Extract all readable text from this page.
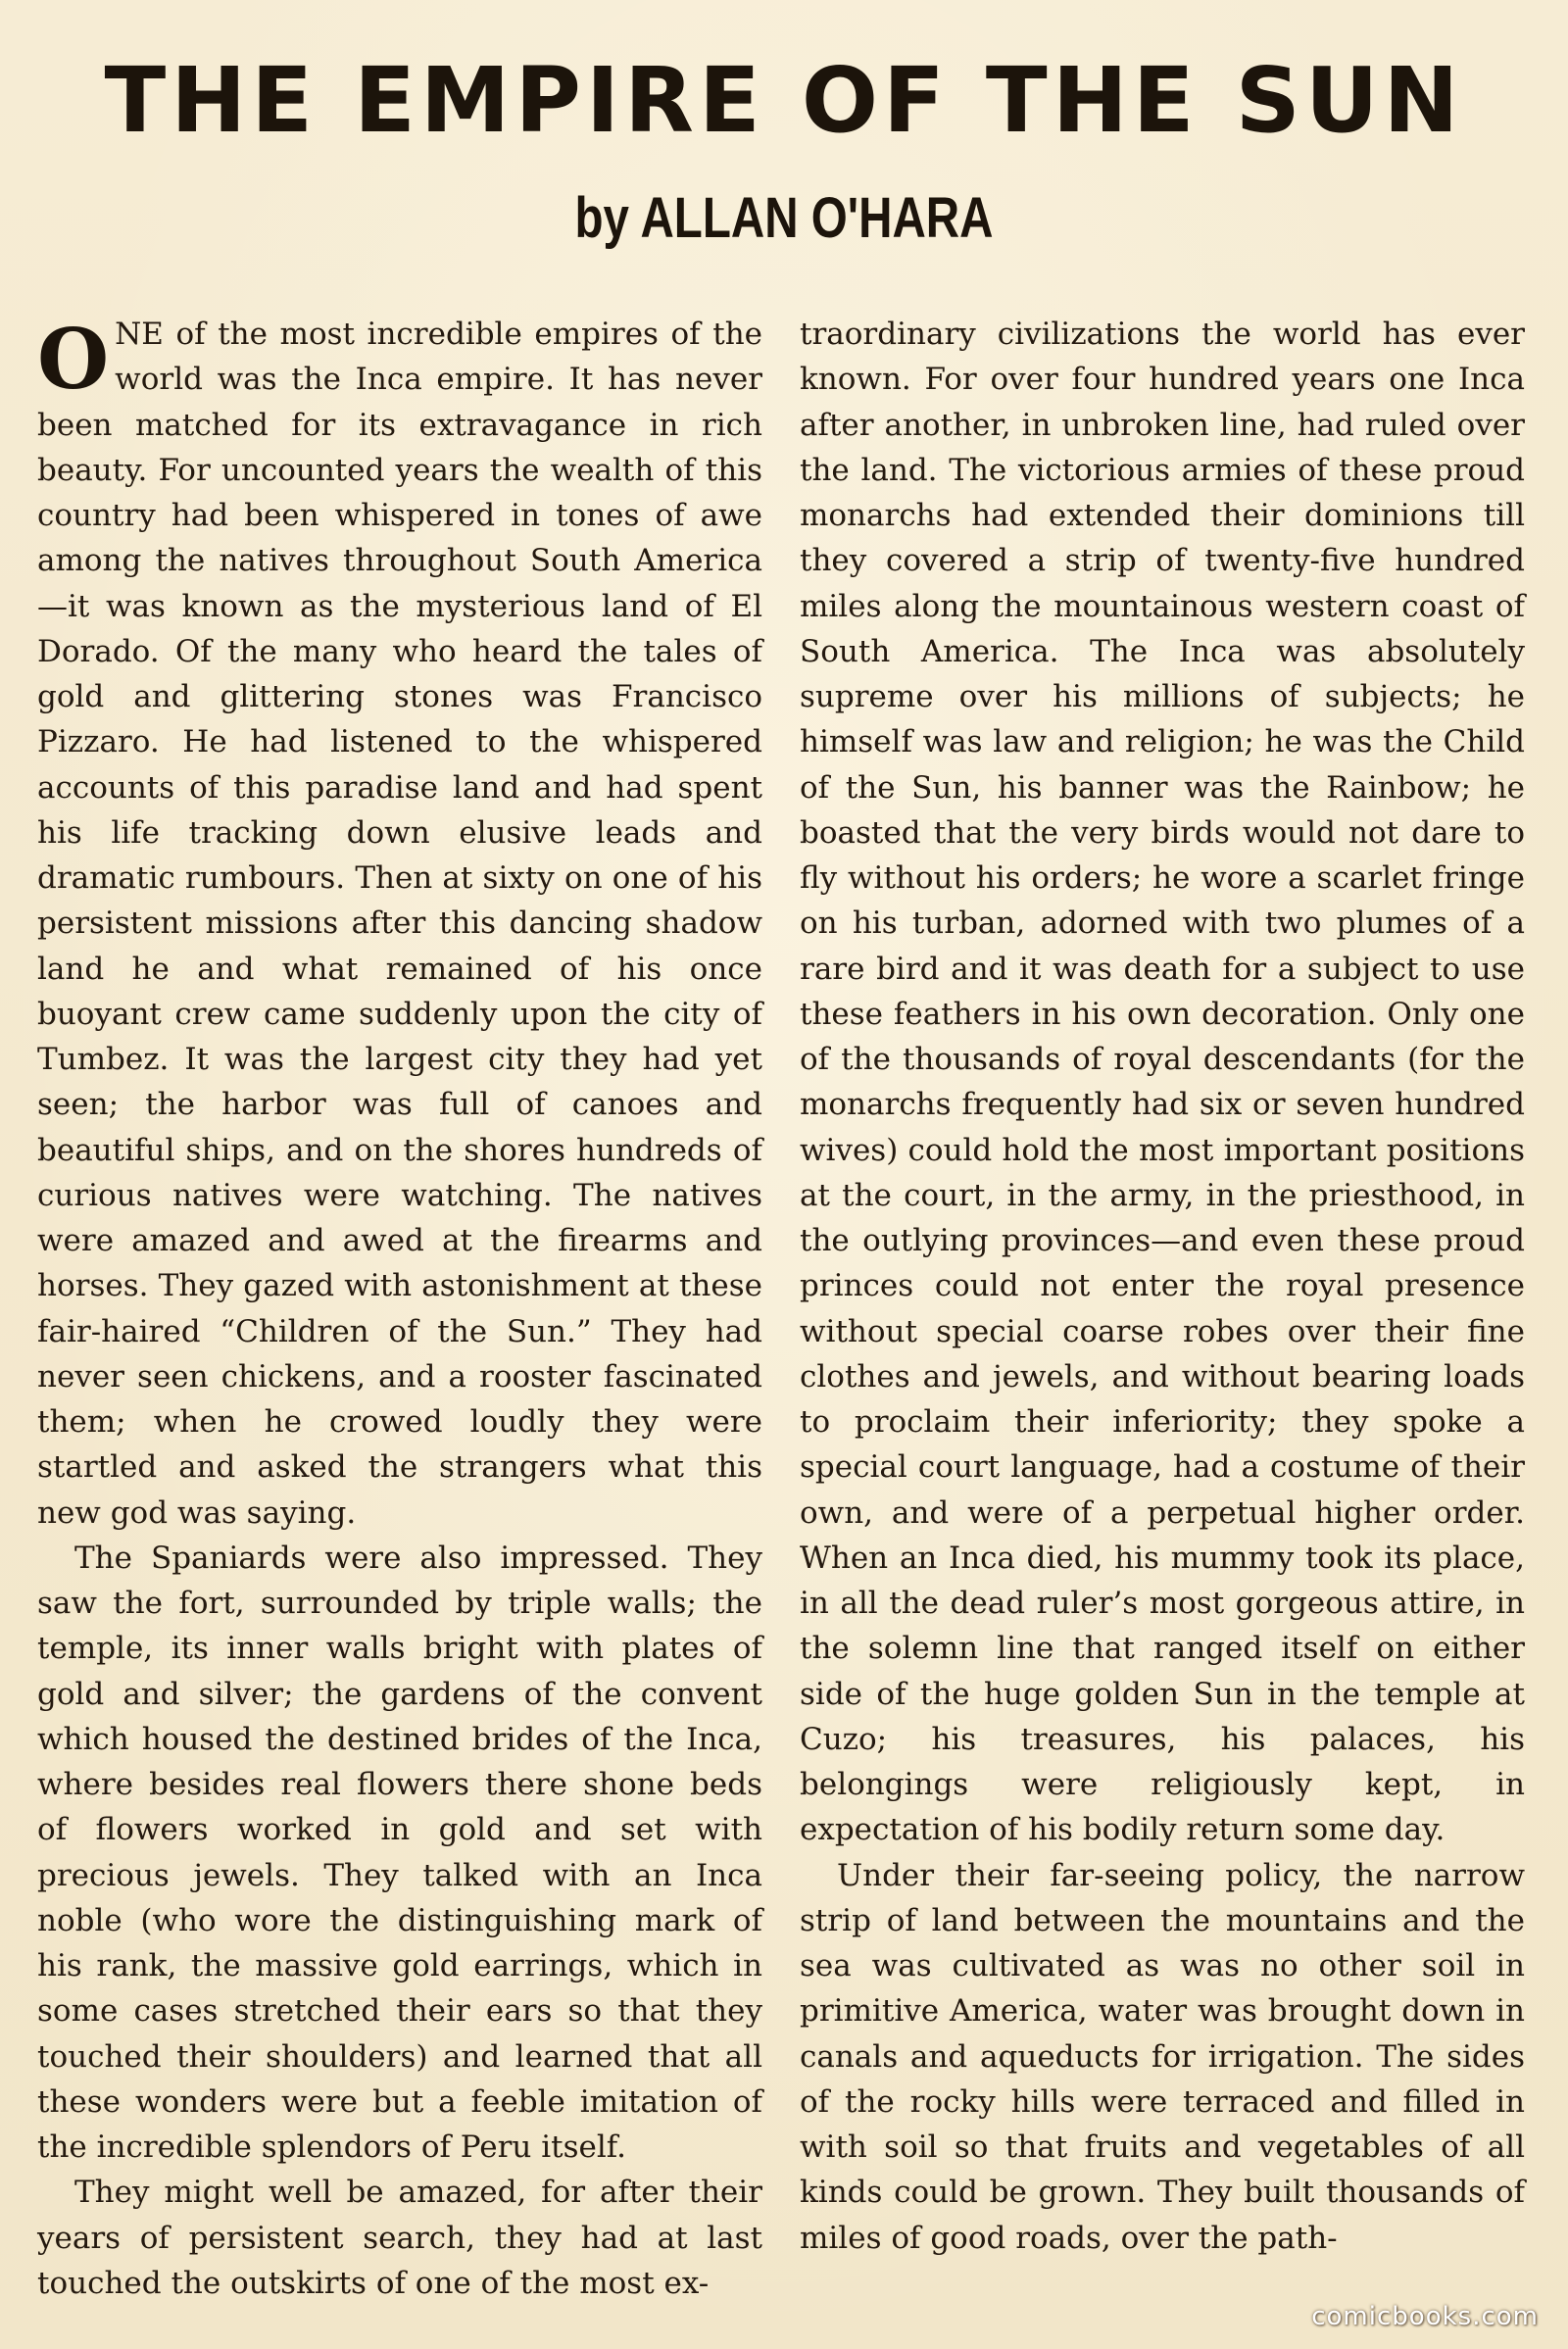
THE EMPIRE OF THE SUN
by ALLAN O'HARA

ONE of the most incredible empires of the world was the Inca empire. It has never been matched for its extravagance in rich beauty. For uncounted years the wealth of this country had been whispered in tones of awe among the natives throughout South America—it was known as the mysterious land of El Dorado. Of the many who heard the tales of gold and glittering stones was Francisco Pizzaro. He had listened to the whispered accounts of this paradise land and had spent his life tracking down elusive leads and dramatic rumbours. Then at sixty on one of his persistent missions after this dancing shadow land he and what remained of his once buoyant crew came suddenly upon the city of Tumbez. It was the largest city they had yet seen; the harbor was full of canoes and beautiful ships, and on the shores hundreds of curious natives were watching. The natives were amazed and awed at the firearms and horses. They gazed with astonishment at these fair-haired “Children of the Sun.” They had never seen chickens, and a rooster fascinated them; when he crowed loudly they were startled and asked the strangers what this new god was saying.

The Spaniards were also impressed. They saw the fort, surrounded by triple walls; the temple, its inner walls bright with plates of gold and silver; the gardens of the convent which housed the destined brides of the Inca, where besides real flowers there shone beds of flowers worked in gold and set with precious jewels. They talked with an Inca noble (who wore the distinguishing mark of his rank, the massive gold earrings, which in some cases stretched their ears so that they touched their shoulders) and learned that all these wonders were but a feeble imitation of the incredible splendors of Peru itself.

They might well be amazed, for after their years of persistent search, they had at last touched the outskirts of one of the most ex-

traordinary civilizations the world has ever known. For over four hundred years one Inca after another, in unbroken line, had ruled over the land. The victorious armies of these proud monarchs had extended their dominions till they covered a strip of twenty-five hundred miles along the mountainous western coast of South America. The Inca was absolutely supreme over his millions of subjects; he himself was law and religion; he was the Child of the Sun, his banner was the Rainbow; he boasted that the very birds would not dare to fly without his orders; he wore a scarlet fringe on his turban, adorned with two plumes of a rare bird and it was death for a subject to use these feathers in his own decoration. Only one of the thousands of royal descendants (for the monarchs frequently had six or seven hundred wives) could hold the most important positions at the court, in the army, in the priesthood, in the outlying provinces—and even these proud princes could not enter the royal presence without special coarse robes over their fine clothes and jewels, and without bearing loads to proclaim their inferiority; they spoke a special court language, had a costume of their own, and were of a perpetual higher order. When an Inca died, his mummy took its place, in all the dead ruler’s most gorgeous attire, in the solemn line that ranged itself on either side of the huge golden Sun in the temple at Cuzo; his treasures, his palaces, his belongings were religiously kept, in expectation of his bodily return some day.

Under their far-seeing policy, the narrow strip of land between the mountains and the sea was cultivated as was no other soil in primitive America, water was brought down in canals and aqueducts for irrigation. The sides of the rocky hills were terraced and filled in with soil so that fruits and vegetables of all kinds could be grown. They built thousands of miles of good roads, over the path-

comicbooks.com
